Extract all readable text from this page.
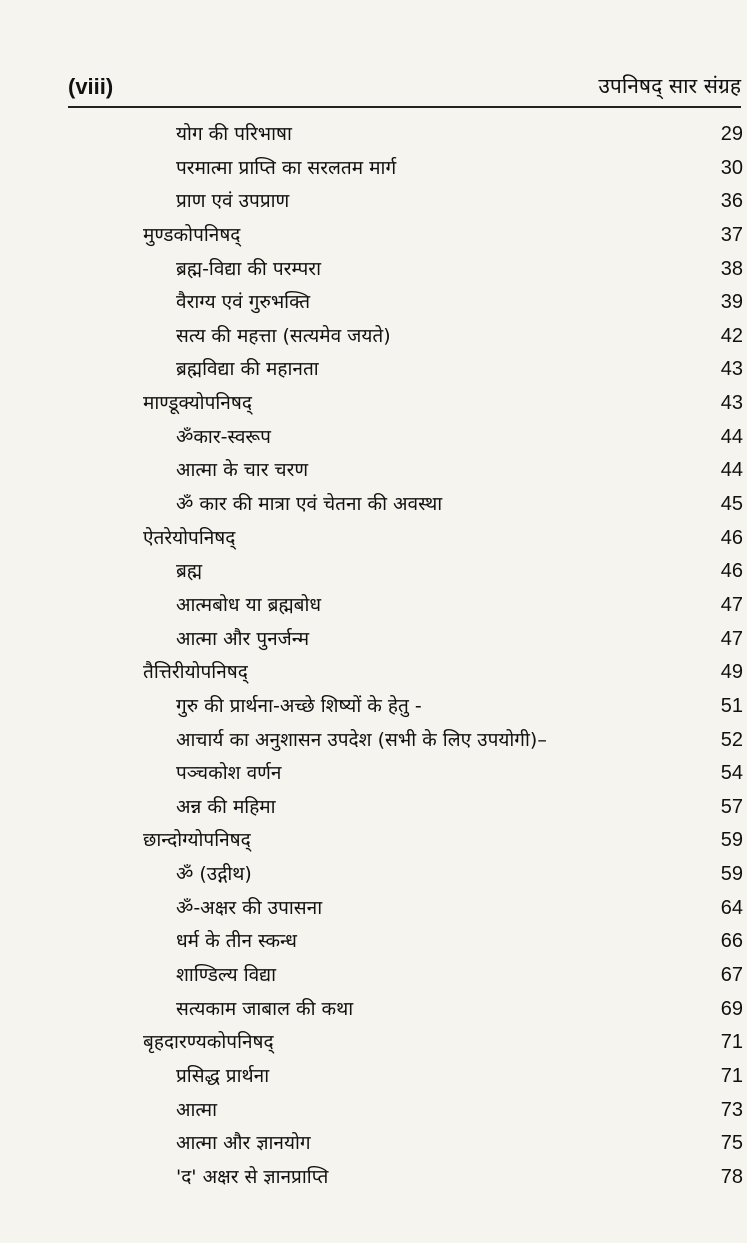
(viii)	उपनिषद् सार संग्रह
योग की परिभाषा	29
परमात्मा प्राप्ति का सरलतम मार्ग	30
प्राण एवं उपप्राण	36
मुण्डकोपनिषद्	37
ब्रह्म-विद्या की परम्परा	38
वैराग्य एवं गुरुभक्ति	39
सत्य की महत्ता (सत्यमेव जयते)	42
ब्रह्मविद्या की महानता	43
माण्डूक्योपनिषद्	43
ॐकार-स्वरूप	44
आत्मा के चार चरण	44
ॐ कार की मात्रा एवं चेतना की अवस्था	45
ऐतरेयोपनिषद्	46
ब्रह्म	46
आत्मबोध या ब्रह्मबोध	47
आत्मा और पुनर्जन्म	47
तैत्तिरीयोपनिषद्	49
गुरु की प्रार्थना-अच्छे शिष्यों के हेतु -	51
आचार्य का अनुशासन उपदेश (सभी के लिए उपयोगी)–	52
पञ्चकोश वर्णन	54
अन्न की महिमा	57
छान्दोग्योपनिषद्	59
ॐ (उद्गीथ)	59
ॐ-अक्षर की उपासना	64
धर्म के तीन स्कन्ध	66
शाण्डिल्य विद्या	67
सत्यकाम जाबाल की कथा	69
बृहदारण्यकोपनिषद्	71
प्रसिद्ध प्रार्थना	71
आत्मा	73
आत्मा और ज्ञानयोग	75
'द' अक्षर से ज्ञानप्राप्ति	78
